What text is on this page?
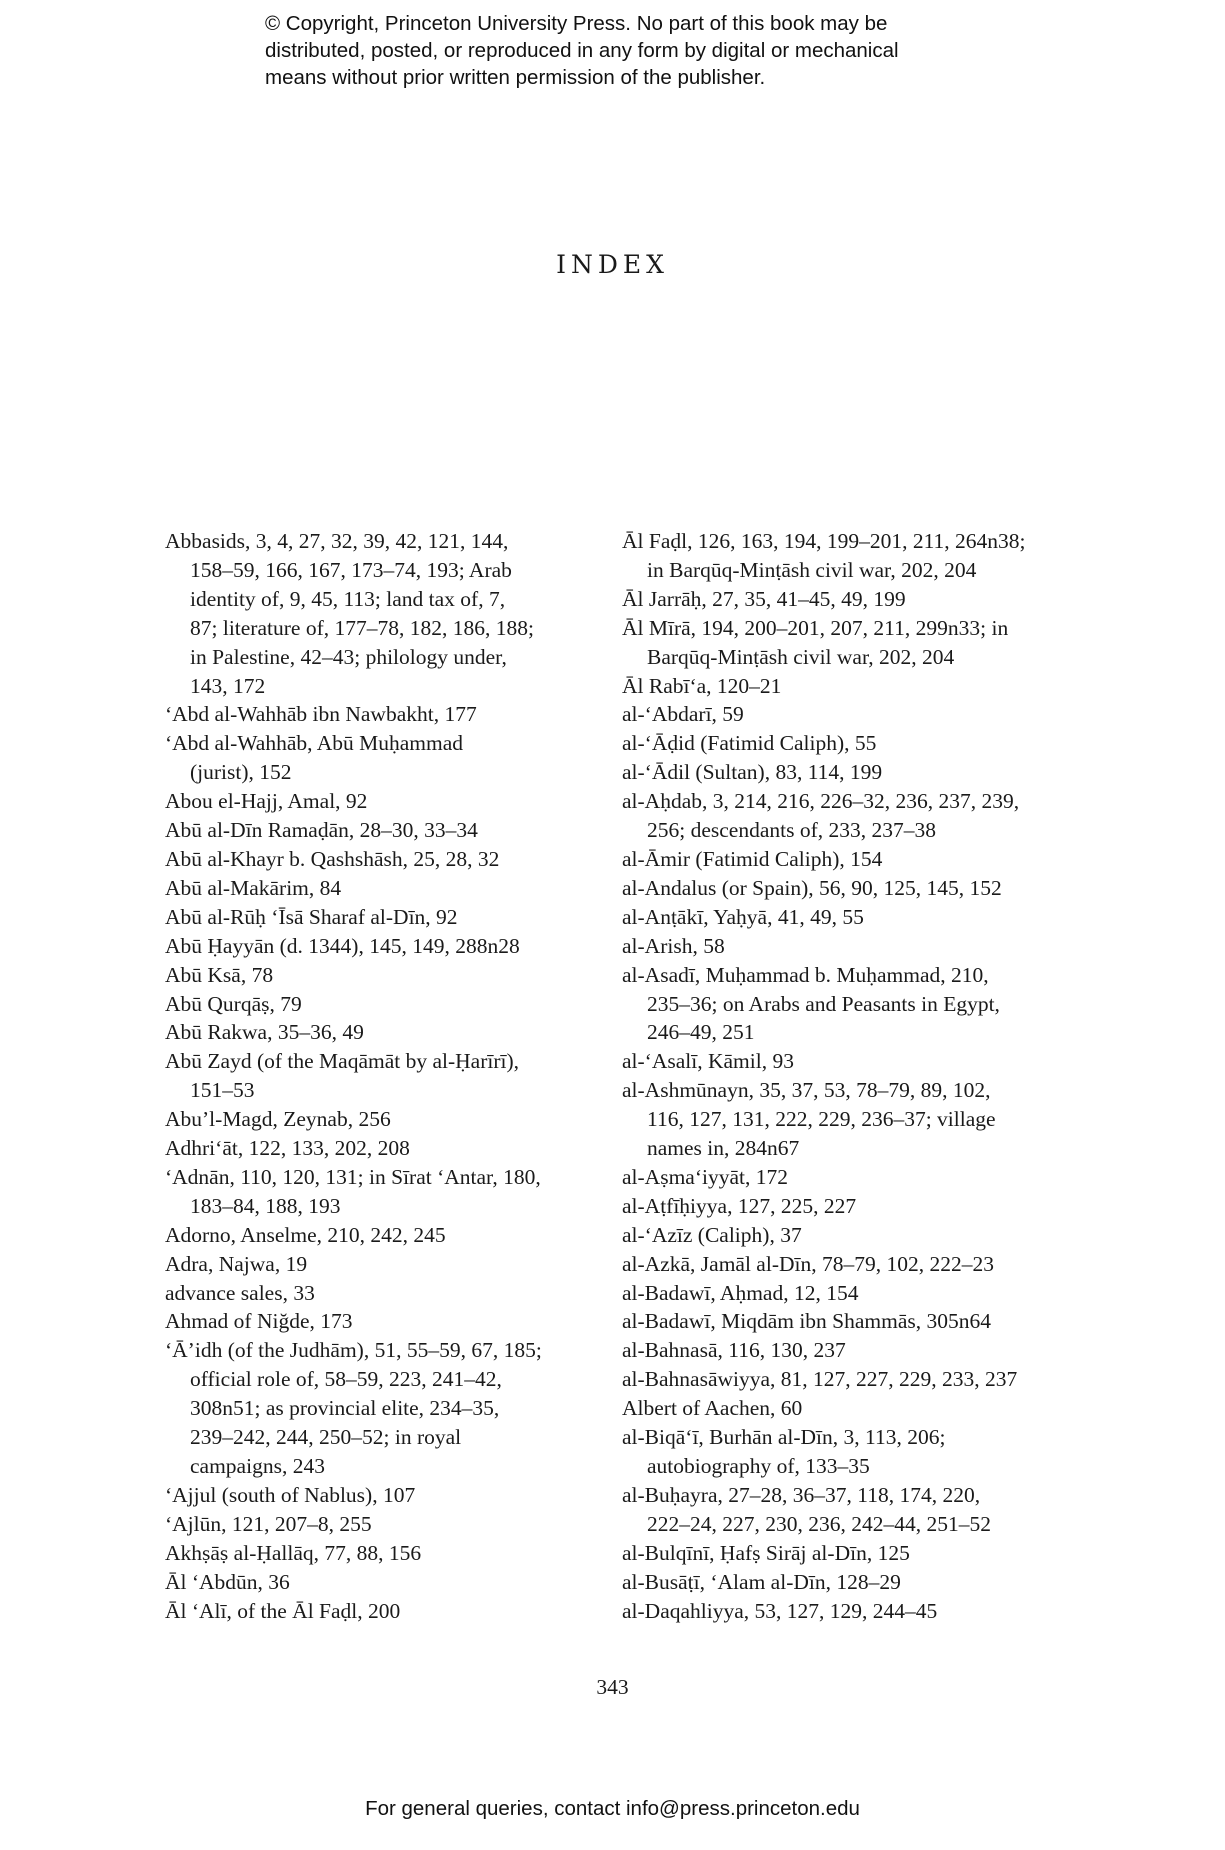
© Copyright, Princeton University Press. No part of this book may be
distributed, posted, or reproduced in any form by digital or mechanical
means without prior written permission of the publisher.
INDEX
Abbasids, 3, 4, 27, 32, 39, 42, 121, 144,
158–59, 166, 167, 173–74, 193; Arab
identity of, 9, 45, 113; land tax of, 7,
87; literature of, 177–78, 182, 186, 188;
in Palestine, 42–43; philology under,
143, 172
‘Abd al-Wahhāb ibn Nawbakht, 177
‘Abd al-Wahhāb, Abū Muḥammad
(jurist), 152
Abou el-Hajj, Amal, 92
Abū al-Dīn Ramaḍān, 28–30, 33–34
Abū al-Khayr b. Qashshāsh, 25, 28, 32
Abū al-Makārim, 84
Abū al-Rūḥ ‘Īsā Sharaf al-Dīn, 92
Abū Ḥayyān (d. 1344), 145, 149, 288n28
Abū Ksā, 78
Abū Qurqāṣ, 79
Abū Rakwa, 35–36, 49
Abū Zayd (of the Maqāmāt by al-Ḥarīrī),
151–53
Abu’l-Magd, Zeynab, 256
Adhri‘āt, 122, 133, 202, 208
‘Adnān, 110, 120, 131; in Sīrat ‘Antar, 180,
183–84, 188, 193
Adorno, Anselme, 210, 242, 245
Adra, Najwa, 19
advance sales, 33
Ahmad of Niğde, 173
‘Ā’idh (of the Judhām), 51, 55–59, 67, 185;
official role of, 58–59, 223, 241–42,
308n51; as provincial elite, 234–35,
239–242, 244, 250–52; in royal
campaigns, 243
‘Ajjul (south of Nablus), 107
‘Ajlūn, 121, 207–8, 255
Akhṣāṣ al-Ḥallāq, 77, 88, 156
Āl ‘Abdūn, 36
Āl ‘Alī, of the Āl Faḍl, 200
Āl Faḍl, 126, 163, 194, 199–201, 211, 264n38;
in Barqūq-Minṭāsh civil war, 202, 204
Āl Jarrāḥ, 27, 35, 41–45, 49, 199
Āl Mīrā, 194, 200–201, 207, 211, 299n33; in
Barqūq-Minṭāsh civil war, 202, 204
Āl Rabī‘a, 120–21
al-‘Abdarī, 59
al-‘Āḍid (Fatimid Caliph), 55
al-‘Ādil (Sultan), 83, 114, 199
al-Aḥdab, 3, 214, 216, 226–32, 236, 237, 239,
256; descendants of, 233, 237–38
al-Āmir (Fatimid Caliph), 154
al-Andalus (or Spain), 56, 90, 125, 145, 152
al-Anṭākī, Yaḥyā, 41, 49, 55
al-Arish, 58
al-Asadī, Muḥammad b. Muḥammad, 210,
235–36; on Arabs and Peasants in Egypt,
246–49, 251
al-‘Asalī, Kāmil, 93
al-Ashmūnayn, 35, 37, 53, 78–79, 89, 102,
116, 127, 131, 222, 229, 236–37; village
names in, 284n67
al-Aṣma‘iyyāt, 172
al-Aṭfīḥiyya, 127, 225, 227
al-‘Azīz (Caliph), 37
al-Azkā, Jamāl al-Dīn, 78–79, 102, 222–23
al-Badawī, Aḥmad, 12, 154
al-Badawī, Miqdām ibn Shammās, 305n64
al-Bahnasā, 116, 130, 237
al-Bahnasāwiyya, 81, 127, 227, 229, 233, 237
Albert of Aachen, 60
al-Biqā‘ī, Burhān al-Dīn, 3, 113, 206;
autobiography of, 133–35
al-Buḥayra, 27–28, 36–37, 118, 174, 220,
222–24, 227, 230, 236, 242–44, 251–52
al-Bulqīnī, Ḥafṣ Sirāj al-Dīn, 125
al-Busāṭī, ‘Alam al-Dīn, 128–29
al-Daqahliyya, 53, 127, 129, 244–45
343
For general queries, contact info@press.princeton.edu
